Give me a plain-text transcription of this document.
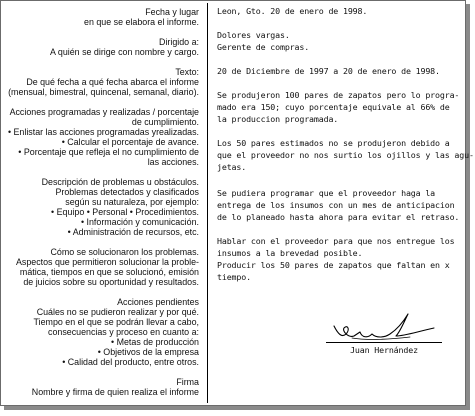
Fecha y lugar
en que se elabora el informe.
Dirigido a:
A quién se dirige con nombre y cargo.
Texto:
De qué fecha a qué fecha abarca el informe
(mensual, bimestral, quincenal, semanal, diario).
Acciones programadas y realizadas / porcentaje
de cumplimiento.
• Enlistar las acciones programadas yrealizadas.
• Calcular el porcentaje de avance.
• Porcentaje que refleja el no cumplimiento de
las acciones.
Descripción de problemas u obstáculos.
Problemas detectados y clasificados
según su naturaleza, por ejemplo:
• Equipo • Personal • Procedimientos.
• Información y comunicación.
• Administración de recursos, etc.
Cómo se solucionaron los problemas.
Aspectos que permitieron solucionar la proble-
mática, tiempos en que se solucionó, emisión
de juicios sobre su oportunidad y resultados.
Acciones pendientes
Cuáles no se pudieron realizar y por qué.
Tiempo en el que se podrán llevar a cabo,
consecuencias y proceso en cuanto a:
• Metas de producción
• Objetivos de la empresa
• Calidad del producto, entre otros.
Firma
Nombre y firma de quien realiza el informe
Leon, Gto. 20 de enero de 1998.
Dolores vargas.
Gerente de compras.
20 de Diciembre de 1997 a 20 de enero de 1998.
Se produjeron 100 pares de zapatos pero lo progra-
mado era 150; cuyo porcentaje equivale al 66% de
la produccion programada.
Los 50 pares estimados no se produjeron debido a
que el proveedor no nos surtio los ojillos y las agu-
jetas.
Se pudiera programar que el proveedor haga la
entrega de los insumos con un mes de anticipacion
de lo planeado hasta ahora para evitar el retraso.
Hablar con el proveedor para que nos entregue los
insumos a la brevedad posible.
Producir los 50 pares de zapatos que faltan en x
tiempo.
Juan Hernández
